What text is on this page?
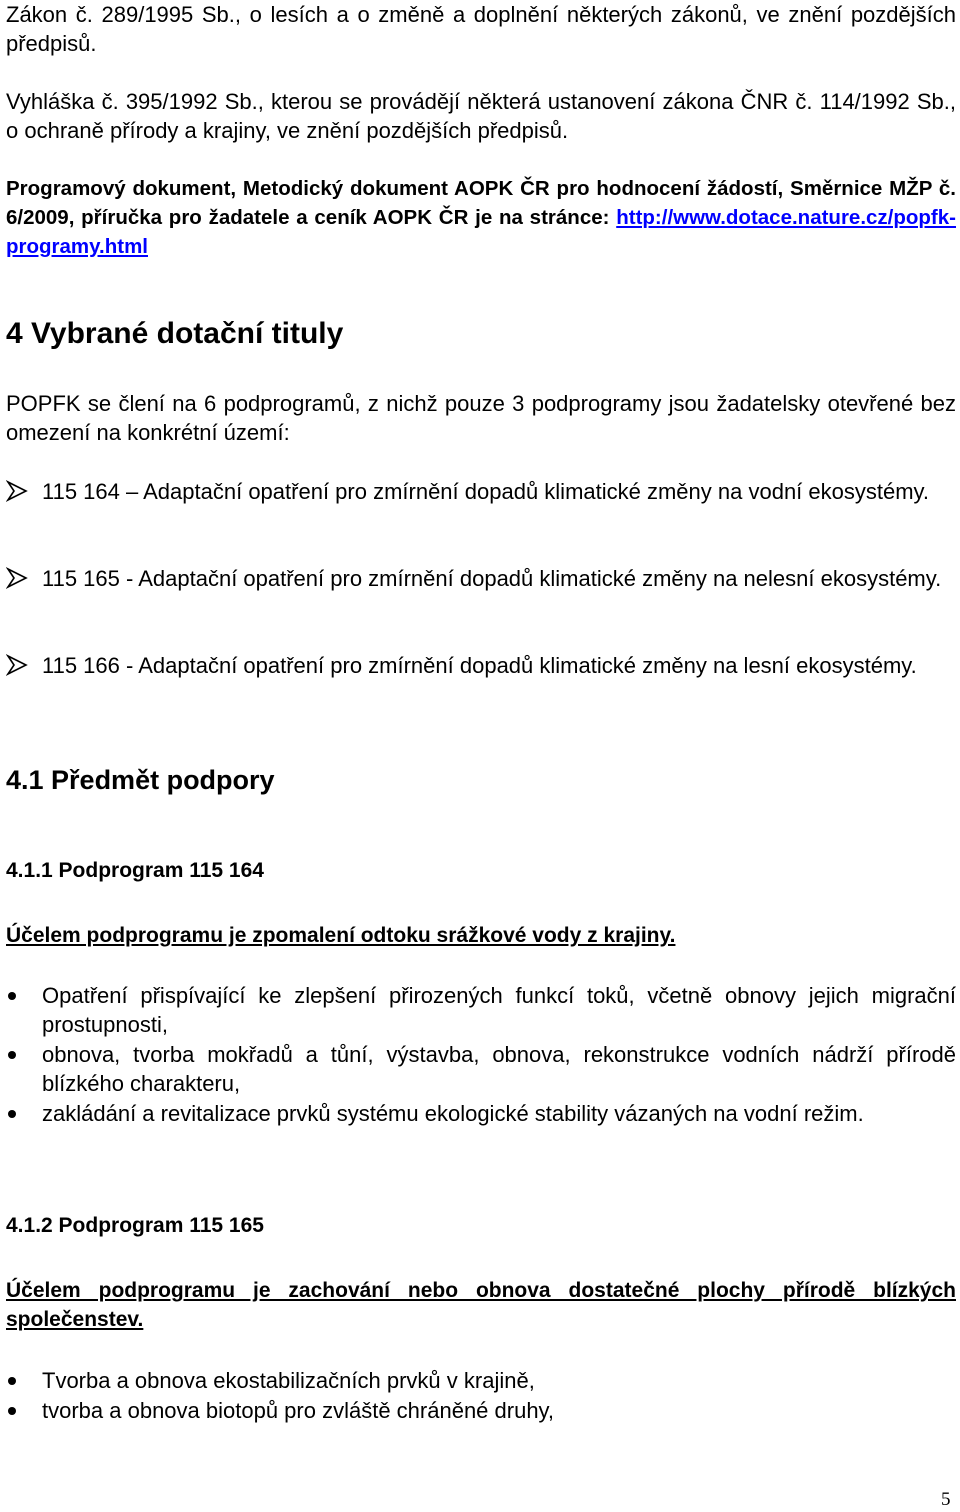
Zákon č. 289/1995 Sb., o lesích a o změně a doplnění některých zákonů, ve znění pozdějších předpisů.

Vyhláška č. 395/1992 Sb., kterou se provádějí některá ustanovení zákona ČNR č. 114/1992 Sb., o ochraně přírody a krajiny, ve znění pozdějších předpisů.

Programový dokument, Metodický dokument AOPK ČR pro hodnocení žádostí, Směrnice MŽP č. 6/2009, příručka pro žadatele a ceník AOPK ČR je na stránce: http://www.dotace.nature.cz/popfk-programy.html

4 Vybrané dotační tituly

POPFK se člení na 6 podprogramů, z nichž pouze 3 podprogramy jsou žadatelsky otevřené bez omezení na konkrétní území:

115 164 – Adaptační opatření pro zmírnění dopadů klimatické změny na vodní ekosystémy.

115 165 - Adaptační opatření pro zmírnění dopadů klimatické změny na nelesní ekosystémy.

115 166 - Adaptační opatření pro zmírnění dopadů klimatické změny na lesní ekosystémy.

4.1 Předmět podpory
4.1.1 Podprogram 115 164

Účelem podprogramu je zpomalení odtoku srážkové vody z krajiny.

Opatření přispívající ke zlepšení přirozených funkcí toků, včetně obnovy jejich migrační prostupnosti,

obnova, tvorba mokřadů a tůní, výstavba, obnova, rekonstrukce vodních nádrží přírodě blízkého charakteru,

zakládání a revitalizace prvků systému ekologické stability vázaných na vodní režim.

4.1.2 Podprogram 115 165

Účelem podprogramu je zachování nebo obnova dostatečné plochy přírodě blízkých společenstev.

Tvorba a obnova ekostabilizačních prvků v krajině,

tvorba a obnova biotopů pro zvláště chráněné druhy,

5
